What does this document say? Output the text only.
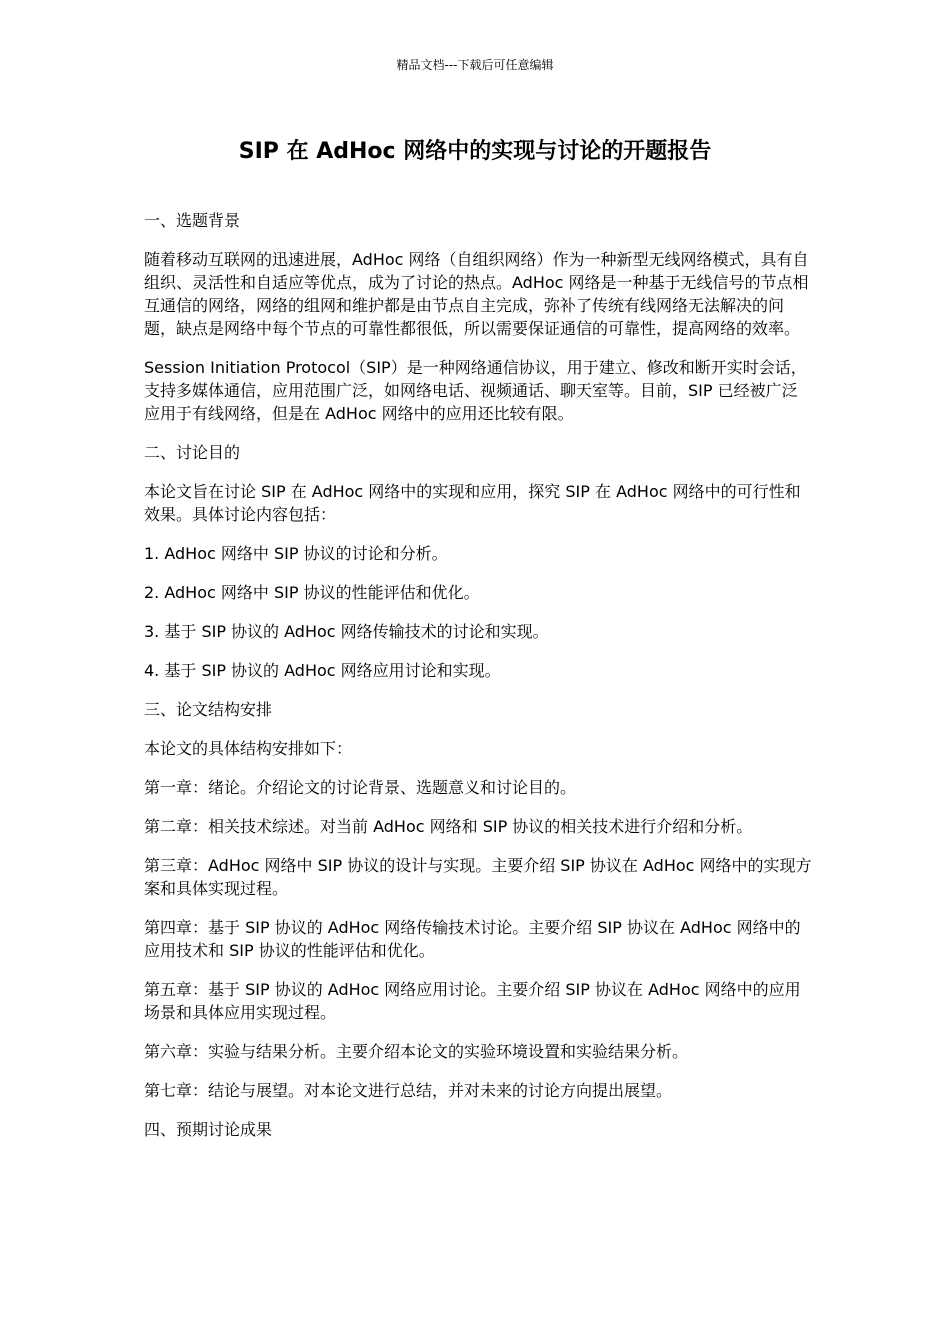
精品文档---下载后可任意编辑
SIP 在 AdHoc 网络中的实现与讨论的开题报告

一、选题背景

随着移动互联网的迅速进展，AdHoc 网络（自组织网络）作为一种新型无线网络模式，具有自组织、灵活性和自适应等优点，成为了讨论的热点。AdHoc 网络是一种基于无线信号的节点相互通信的网络，网络的组网和维护都是由节点自主完成，弥补了传统有线网络无法解决的问题，缺点是网络中每个节点的可靠性都很低，所以需要保证通信的可靠性，提高网络的效率。

Session Initiation Protocol（SIP）是一种网络通信协议，用于建立、修改和断开实时会话，支持多媒体通信，应用范围广泛，如网络电话、视频通话、聊天室等。目前，SIP 已经被广泛应用于有线网络，但是在 AdHoc 网络中的应用还比较有限。

二、讨论目的

本论文旨在讨论 SIP 在 AdHoc 网络中的实现和应用，探究 SIP 在 AdHoc 网络中的可行性和效果。具体讨论内容包括：

1. AdHoc 网络中 SIP 协议的讨论和分析。

2. AdHoc 网络中 SIP 协议的性能评估和优化。

3. 基于 SIP 协议的 AdHoc 网络传输技术的讨论和实现。

4. 基于 SIP 协议的 AdHoc 网络应用讨论和实现。

三、论文结构安排

本论文的具体结构安排如下：

第一章：绪论。介绍论文的讨论背景、选题意义和讨论目的。

第二章：相关技术综述。对当前 AdHoc 网络和 SIP 协议的相关技术进行介绍和分析。

第三章：AdHoc 网络中 SIP 协议的设计与实现。主要介绍 SIP 协议在 AdHoc 网络中的实现方案和具体实现过程。

第四章：基于 SIP 协议的 AdHoc 网络传输技术讨论。主要介绍 SIP 协议在 AdHoc 网络中的应用技术和 SIP 协议的性能评估和优化。

第五章：基于 SIP 协议的 AdHoc 网络应用讨论。主要介绍 SIP 协议在 AdHoc 网络中的应用场景和具体应用实现过程。

第六章：实验与结果分析。主要介绍本论文的实验环境设置和实验结果分析。

第七章：结论与展望。对本论文进行总结，并对未来的讨论方向提出展望。

四、预期讨论成果
